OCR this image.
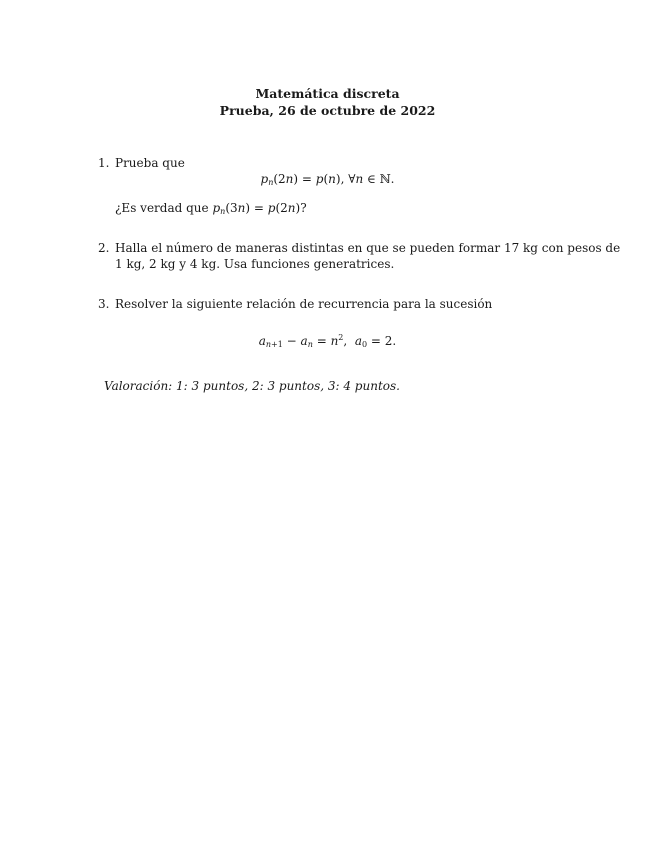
Matemática discreta
Prueba, 26 de octubre de 2022
1. Prueba que
$p_n(2n) = p(n)$, ∀n ∈ ℕ.
¿Es verdad que $p_n(3n) = p(2n)$?
2. Halla el número de maneras distintas en que se pueden formar 17 kg con pesos de
1 kg, 2 kg y 4 kg. Usa funciones generatrices.
3. Resolver la siguiente relación de recurrencia para la sucesión
$a_{n+1} - a_n = n^2$,  $a_0 = 2$.
Valoración: 1: 3 puntos, 2: 3 puntos, 3: 4 puntos.
